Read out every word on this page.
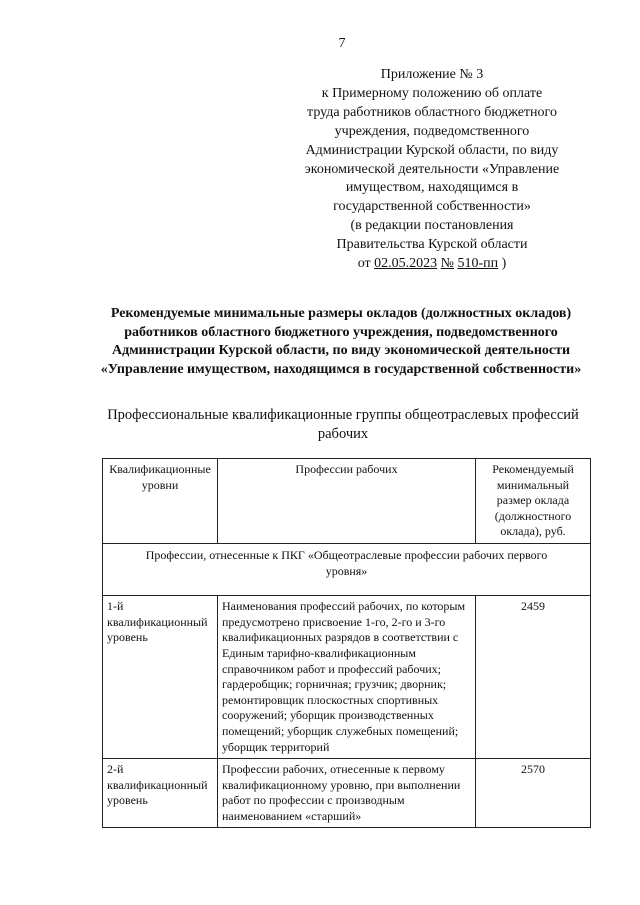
7
Приложение № 3
к Примерному положению об оплате
труда работников областного бюджетного
учреждения, подведомственного
Администрации Курской области, по виду
экономической деятельности «Управление
имуществом, находящимся в
государственной собственности»
(в редакции постановления
Правительства Курской области
от 02.05.2023 № 510-пп )
Рекомендуемые минимальные размеры окладов (должностных окладов) работников областного бюджетного учреждения, подведомственного Администрации Курской области, по виду экономической деятельности «Управление имуществом, находящимся в государственной собственности»
Профессиональные квалификационные группы общеотраслевых профессий рабочих
Квалификационные уровни	Профессии рабочих	Рекомендуемый минимальный размер оклада (должностного оклада), руб.
Профессии, отнесенные к ПКГ «Общеотраслевые профессии рабочих первого уровня»		
1-й квалификационный уровень	Наименования профессий рабочих, по которым предусмотрено присвоение 1-го, 2-го и 3-го квалификационных разрядов в соответствии с Единым тарифно-квалификационным справочником работ и профессий рабочих; гардеробщик; горничная; грузчик; дворник; ремонтировщик плоскостных спортивных сооружений; уборщик производственных помещений; уборщик служебных помещений; уборщик территорий	2459
2-й квалификационный уровень	Профессии рабочих, отнесенные к первому квалификационному уровню, при выполнении работ по профессии с производным наименованием «старший»	2570
